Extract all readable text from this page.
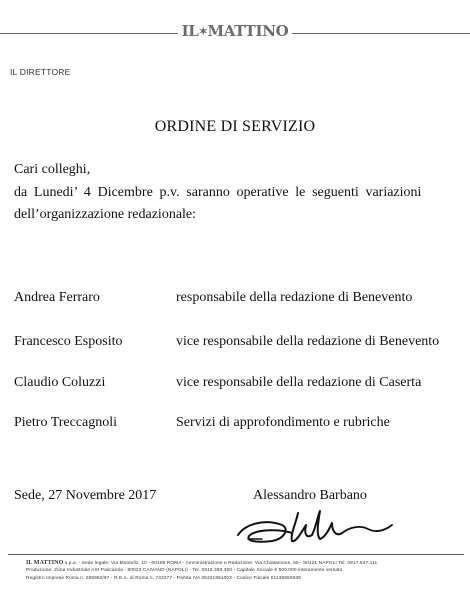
IL✶MATTINO
IL DIRETTORE
ORDINE DI SERVIZIO
Cari colleghi,
da Lunedi’ 4 Dicembre p.v. saranno operative le seguenti variazioni
dell’organizzazione redazionale:
Andrea Ferraro	responsabile della redazione di Benevento
Francesco Esposito	vice responsabile della redazione di Benevento
Claudio Coluzzi	vice responsabile della redazione di Caserta
Pietro Treccagnoli	Servizi di approfondimento e rubriche
Sede, 27 Novembre 2017	Alessandro Barbano
IL MATTINO s.p.a. - Sede legale: Via Montello, 10 - 00195 ROMA - Amministrazione e Redazione: Via Chiatamone, 65 - 80121 NAPOLI Tel. 0817.947.111
Produzione: Zona Industriale ASI Pascarola - 80023 CAIVANO (NAPOLI) - Tel. 0818.360.300 - Capitale Sociale € 500.000 interamente versato
Registro Imprese Roma n. 255982/97 - R.E.A. di Roma n. 743377 - Partita IVA 05331851003 - Codice Fiscale 01136950639
